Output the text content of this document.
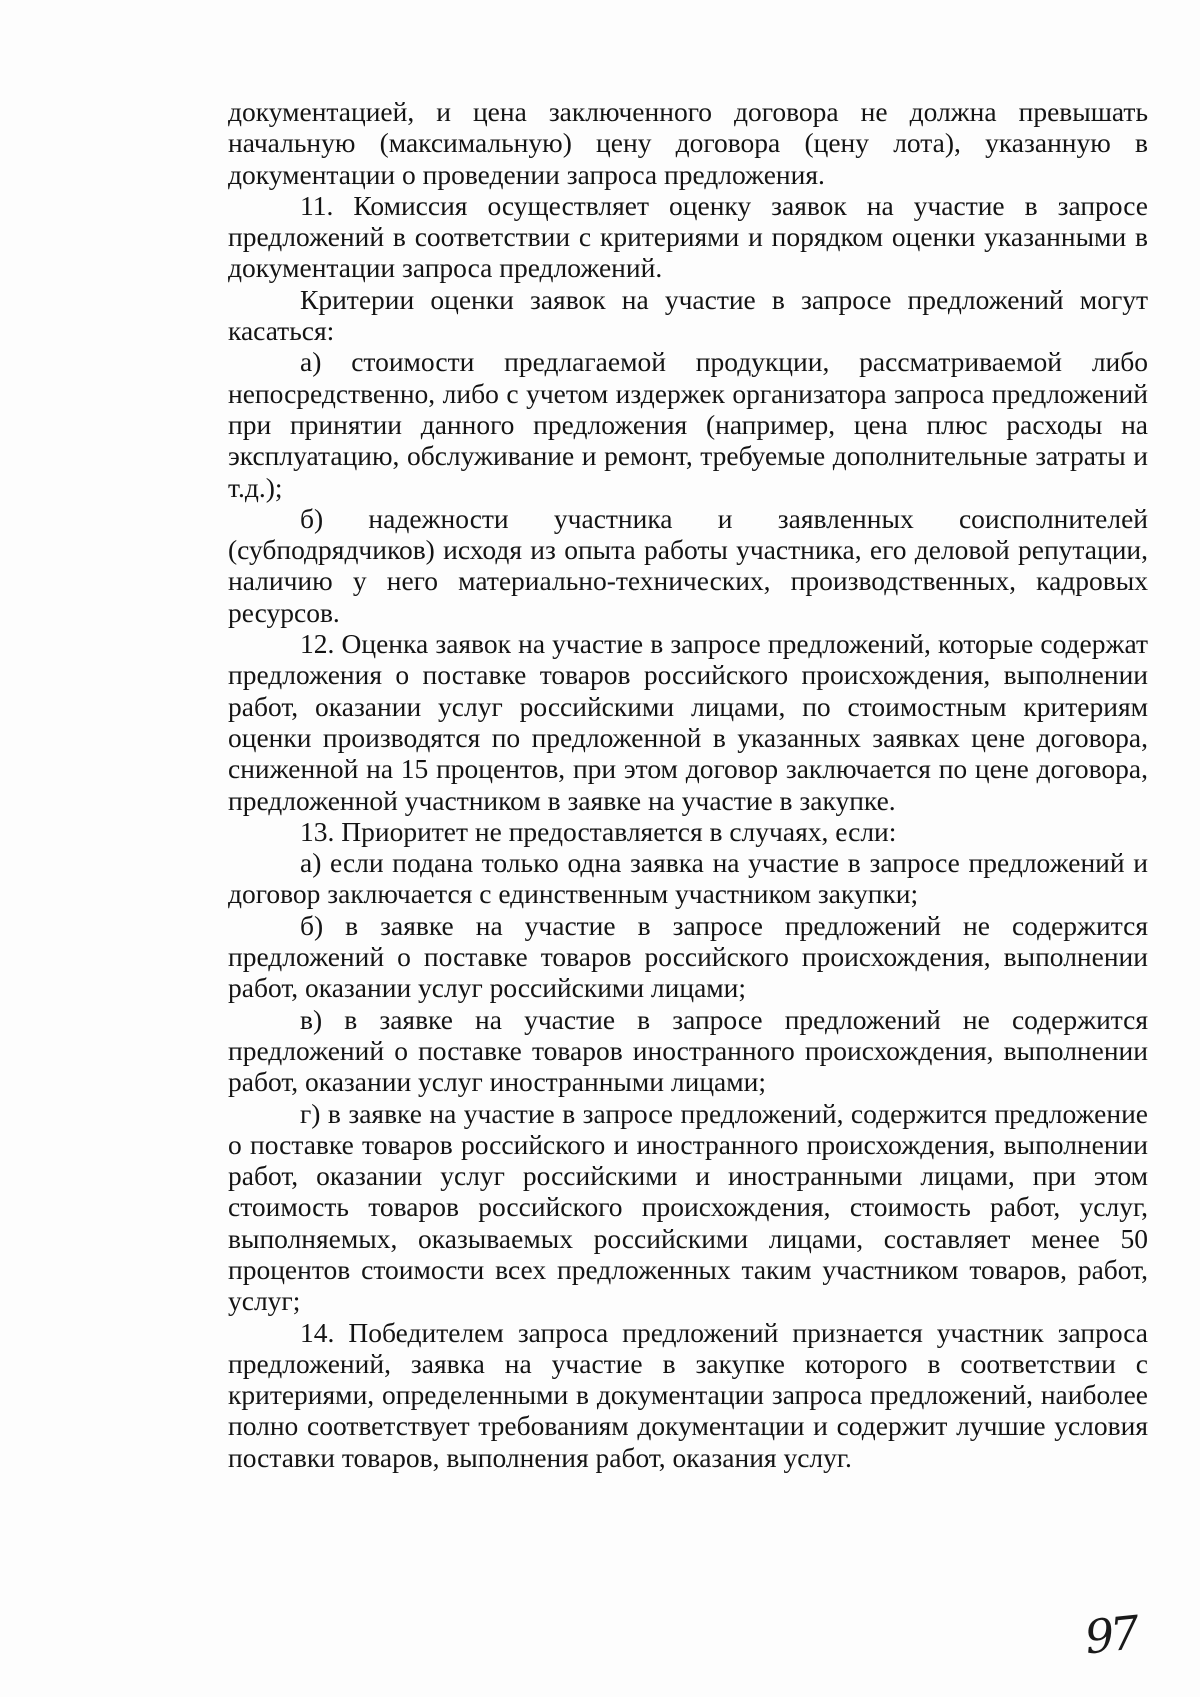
документацией, и цена заключенного договора не должна превышать начальную (максимальную) цену договора (цену лота), указанную в документации о проведении запроса предложения.

11. Комиссия осуществляет оценку заявок на участие в запросе предложений в соответствии с критериями и порядком оценки указанными в документации запроса предложений.

Критерии оценки заявок на участие в запросе предложений могут касаться:

а) стоимости предлагаемой продукции, рассматриваемой либо непосредственно, либо с учетом издержек организатора запроса предложений при принятии данного предложения (например, цена плюс расходы на эксплуатацию, обслуживание и ремонт, требуемые дополнительные затраты и т.д.);

б) надежности участника и заявленных соисполнителей (субподрядчиков) исходя из опыта работы участника, его деловой репутации, наличию у него материально-технических, производственных, кадровых ресурсов.

12. Оценка заявок на участие в запросе предложений, которые содержат предложения о поставке товаров российского происхождения, выполнении работ, оказании услуг российскими лицами, по стоимостным критериям оценки производятся по предложенной в указанных заявках цене договора, сниженной на 15 процентов, при этом договор заключается по цене договора, предложенной участником в заявке на участие в закупке.

13. Приоритет не предоставляется в случаях, если:

а) если подана только одна заявка на участие в запросе предложений и договор заключается с единственным участником закупки;

б) в заявке на участие в запросе предложений не содержится предложений о поставке товаров российского происхождения, выполнении работ, оказании услуг российскими лицами;

в) в заявке на участие в запросе предложений не содержится предложений о поставке товаров иностранного происхождения, выполнении работ, оказании услуг иностранными лицами;

г) в заявке на участие в запросе предложений, содержится предложение о поставке товаров российского и иностранного происхождения, выполнении работ, оказании услуг российскими и иностранными лицами, при этом стоимость товаров российского происхождения, стоимость работ, услуг, выполняемых, оказываемых российскими лицами, составляет менее 50 процентов стоимости всех предложенных таким участником товаров, работ, услуг;

14. Победителем запроса предложений признается участник запроса предложений, заявка на участие в закупке которого в соответствии с критериями, определенными в документации запроса предложений, наиболее полно соответствует требованиям документации и содержит лучшие условия поставки товаров, выполнения работ, оказания услуг.

97
